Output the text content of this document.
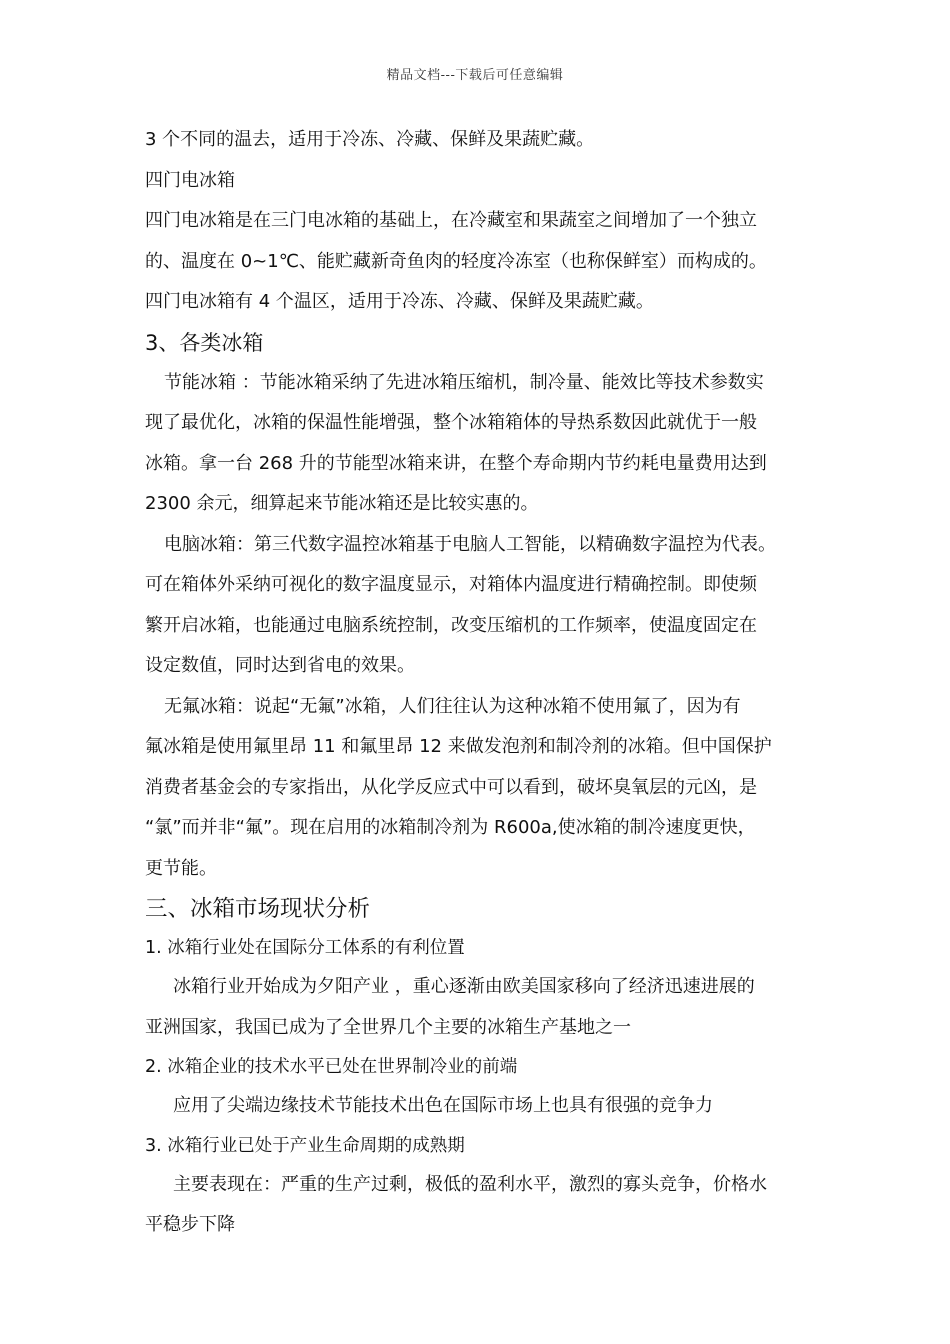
精品文档---下载后可任意编辑
3 个不同的温去，适用于冷冻、冷藏、保鲜及果蔬贮藏。
四门电冰箱
四门电冰箱是在三门电冰箱的基础上，在冷藏室和果蔬室之间增加了一个独立
的、温度在 0~1℃、能贮藏新奇鱼肉的轻度冷冻室（也称保鲜室）而构成的。
四门电冰箱有 4 个温区，适用于冷冻、冷藏、保鲜及果蔬贮藏。
3、各类冰箱
节能冰箱 ：节能冰箱采纳了先进冰箱压缩机，制冷量、能效比等技术参数实
现了最优化，冰箱的保温性能增强，整个冰箱箱体的导热系数因此就优于一般
冰箱。拿一台 268 升的节能型冰箱来讲，在整个寿命期内节约耗电量费用达到
2300 余元，细算起来节能冰箱还是比较实惠的。
电脑冰箱：第三代数字温控冰箱基于电脑人工智能，以精确数字温控为代表。
可在箱体外采纳可视化的数字温度显示，对箱体内温度进行精确控制。即使频
繁开启冰箱，也能通过电脑系统控制，改变压缩机的工作频率，使温度固定在
设定数值，同时达到省电的效果。
无氟冰箱：说起“无氟”冰箱，人们往往认为这种冰箱不使用氟了，因为有
氟冰箱是使用氟里昂 11 和氟里昂 12 来做发泡剂和制冷剂的冰箱。但中国保护
消费者基金会的专家指出，从化学反应式中可以看到，破坏臭氧层的元凶，是
“氯”而并非“氟”。现在启用的冰箱制冷剂为 R600a,使冰箱的制冷速度更快，
更节能。
三、冰箱市场现状分析
1. 冰箱行业处在国际分工体系的有利位置
冰箱行业开始成为夕阳产业 ，重心逐渐由欧美国家移向了经济迅速进展的
亚洲国家，我国已成为了全世界几个主要的冰箱生产基地之一
2. 冰箱企业的技术水平已处在世界制冷业的前端
应用了尖端边缘技术节能技术出色在国际市场上也具有很强的竞争力
3. 冰箱行业已处于产业生命周期的成熟期
主要表现在：严重的生产过剩，极低的盈利水平，激烈的寡头竞争，价格水
平稳步下降
